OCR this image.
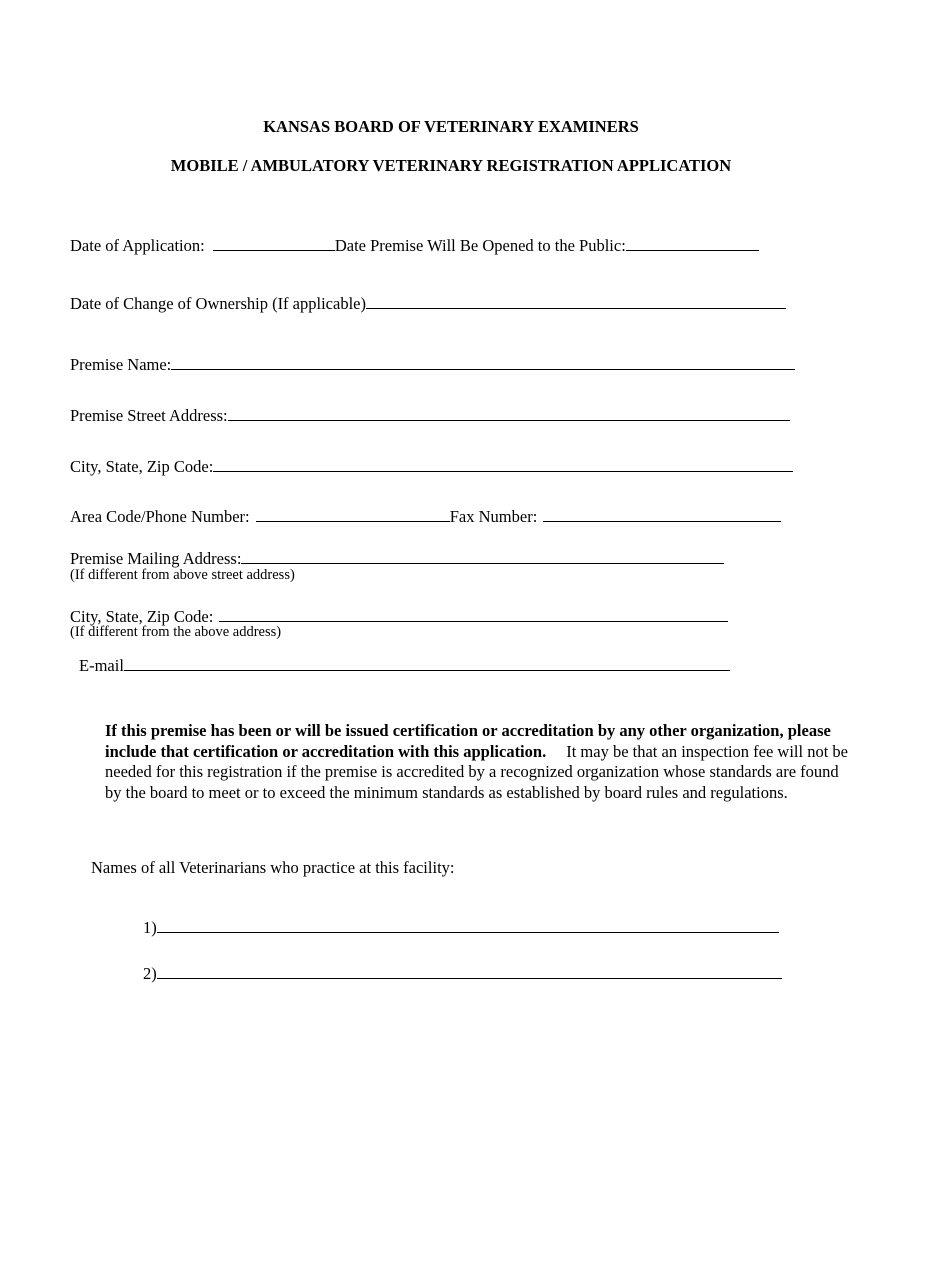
KANSAS BOARD OF VETERINARY EXAMINERS
MOBILE / AMBULATORY VETERINARY REGISTRATION APPLICATION
Date of Application:	Date Premise Will Be Opened to the Public:
Date of Change of Ownership (If applicable)
Premise Name:
Premise Street Address:
City, State, Zip Code:
Area Code/Phone Number:	Fax Number:
Premise Mailing Address:
(If different from above street address)
City, State, Zip Code:
(If different from the above address)
E-mail
If this premise has been or will be issued certification or accreditation by any other organization, please include that certification or accreditation with this application. It may be that an inspection fee will not be needed for this registration if the premise is accredited by a recognized organization whose standards are found by the board to meet or to exceed the minimum standards as established by board rules and regulations.
Names of all Veterinarians who practice at this facility:
1)
2)
